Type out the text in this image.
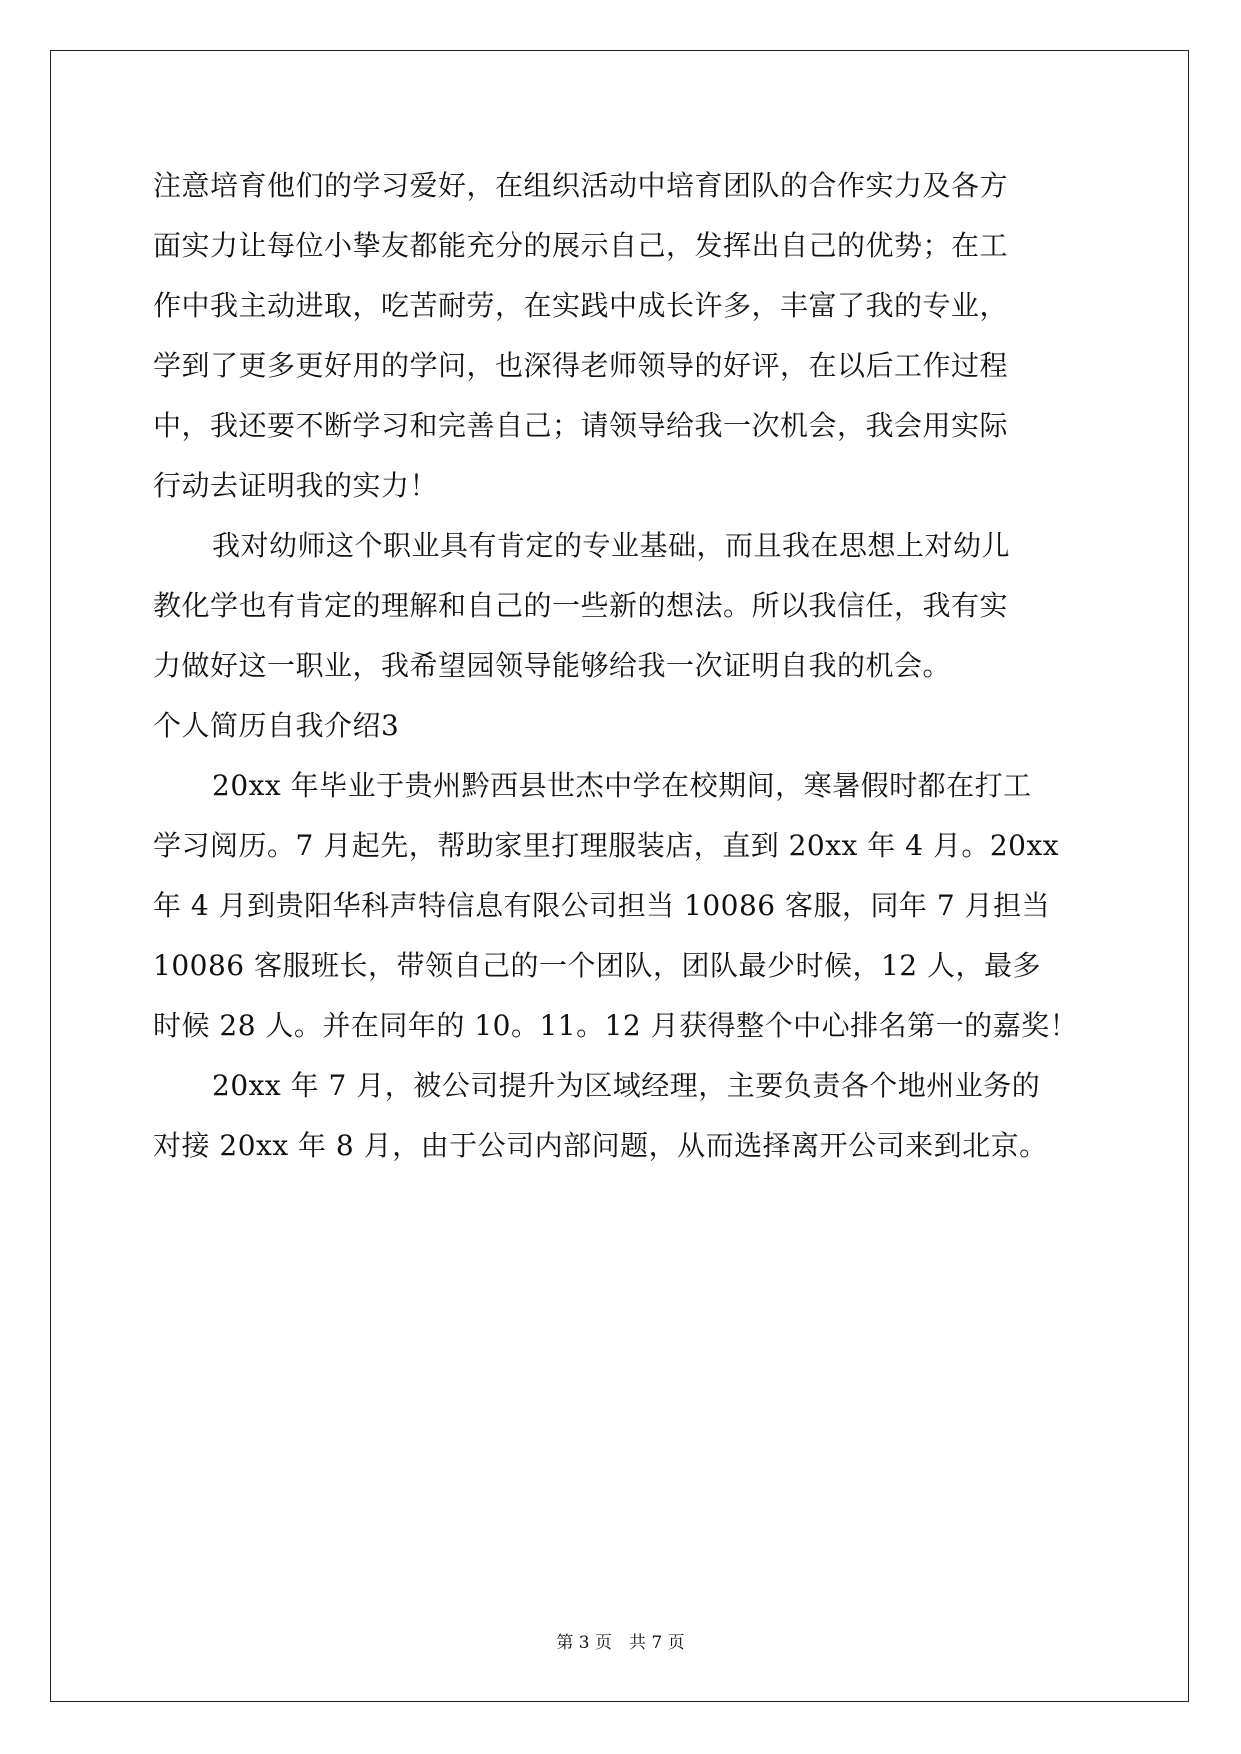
注意培育他们的学习爱好，在组织活动中培育团队的合作实力及各方
面实力让每位小挚友都能充分的展示自己，发挥出自己的优势；在工
作中我主动进取，吃苦耐劳，在实践中成长许多，丰富了我的专业，
学到了更多更好用的学问，也深得老师领导的好评，在以后工作过程
中，我还要不断学习和完善自己；请领导给我一次机会，我会用实际
行动去证明我的实力！
我对幼师这个职业具有肯定的专业基础，而且我在思想上对幼儿
教化学也有肯定的理解和自己的一些新的想法。所以我信任，我有实
力做好这一职业，我希望园领导能够给我一次证明自我的机会。
个人简历自我介绍3
20xx 年毕业于贵州黔西县世杰中学在校期间，寒暑假时都在打工
学习阅历。7 月起先，帮助家里打理服装店，直到 20xx 年 4 月。20xx
年 4 月到贵阳华科声特信息有限公司担当 10086 客服，同年 7 月担当
10086 客服班长，带领自己的一个团队，团队最少时候，12 人，最多
时候 28 人。并在同年的 10。11。12 月获得整个中心排名第一的嘉奖！
20xx 年 7 月，被公司提升为区域经理，主要负责各个地州业务的
对接 20xx 年 8 月，由于公司内部问题，从而选择离开公司来到北京。
第 3 页　共 7 页
